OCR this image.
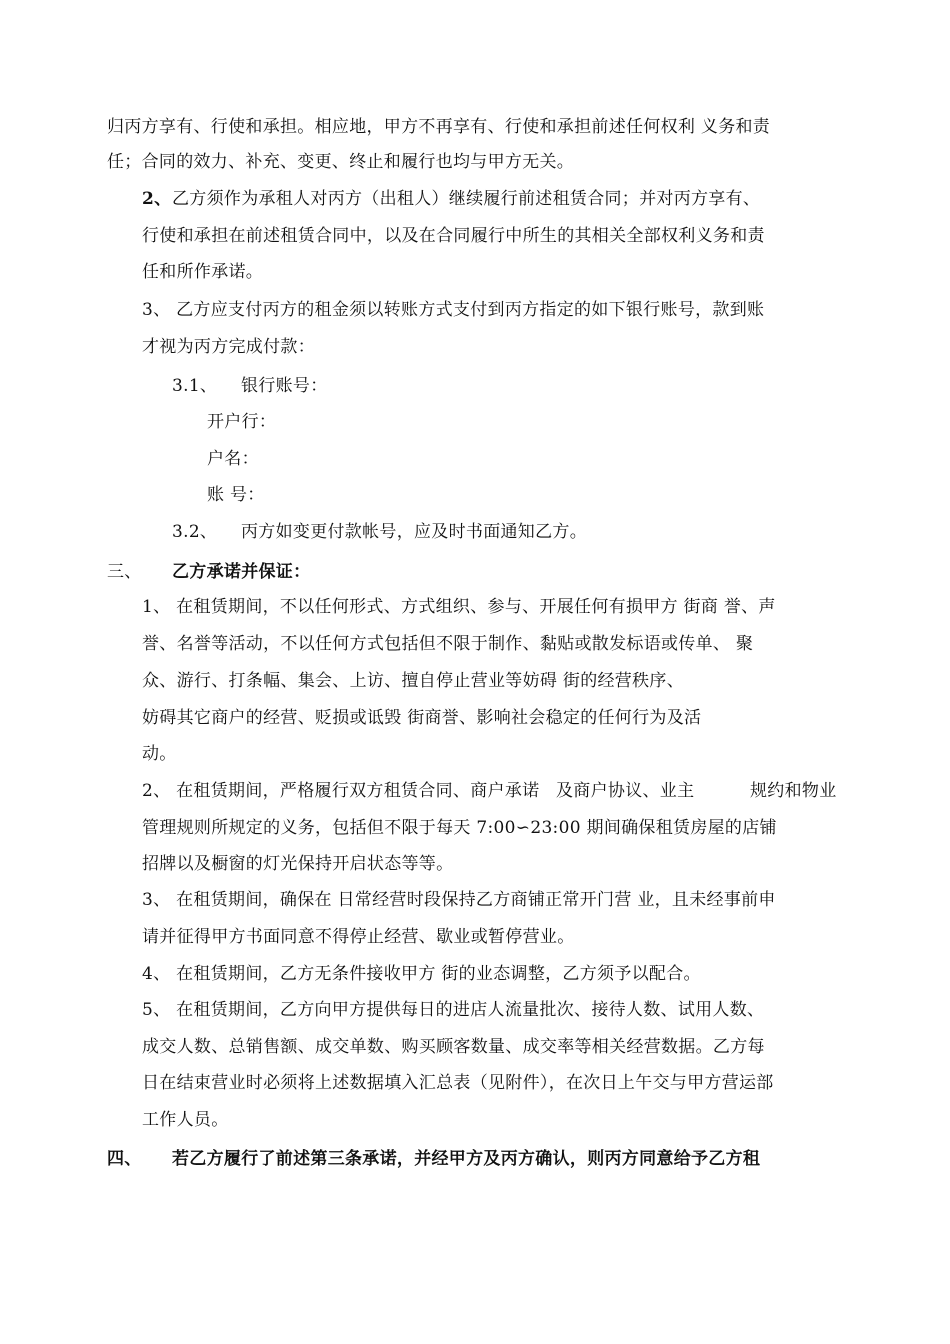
归丙方享有、行使和承担。相应地，甲方不再享有、行使和承担前述任何权利 义务和责
任；合同的效力、补充、变更、终止和履行也均与甲方无关。
2、 乙方须作为承租人对丙方（出租人）继续履行前述租赁合同；并对丙方享有、
行使和承担在前述租赁合同中，以及在合同履行中所生的其相关全部权利义务和责
任和所作承诺。
3、 乙方应支付丙方的租金须以转账方式支付到丙方指定的如下银行账号，款到账
才视为丙方完成付款：
3.1、 银行账号：
开户行：
户名：
账 号：
3.2、 丙方如变更付款帐号，应及时书面通知乙方。
三、 乙方承诺并保证：
1、 在租赁期间，不以任何形式、方式组织、参与、开展任何有损甲方 街商 誉、声
誉、名誉等活动，不以任何方式包括但不限于制作、黏贴或散发标语或传单、 聚
众、游行、打条幅、集会、上访、擅自停止营业等妨碍 街的经营秩序、
妨碍其它商户的经营、贬损或诋毁 街商誉、影响社会稳定的任何行为及活
动。
2、 在租赁期间，严格履行双方租赁合同、商户承诺 及商户协议、业主	规约和物业
管理规则所规定的义务，包括但不限于每天 7:00∽23:00 期间确保租赁房屋的店铺
招牌以及橱窗的灯光保持开启状态等等。
3、 在租赁期间，确保在 日常经营时段保持乙方商铺正常开门营 业，且未经事前申
请并征得甲方书面同意不得停止经营、歇业或暂停营业。
4、 在租赁期间，乙方无条件接收甲方 街的业态调整，乙方须予以配合。
5、 在租赁期间，乙方向甲方提供每日的进店人流量批次、接待人数、试用人数、
成交人数、总销售额、成交单数、购买顾客数量、成交率等相关经营数据。乙方每
日在结束营业时必须将上述数据填入汇总表（见附件），在次日上午交与甲方营运部
工作人员。
四、 若乙方履行了前述第三条承诺，并经甲方及丙方确认，则丙方同意给予乙方租
